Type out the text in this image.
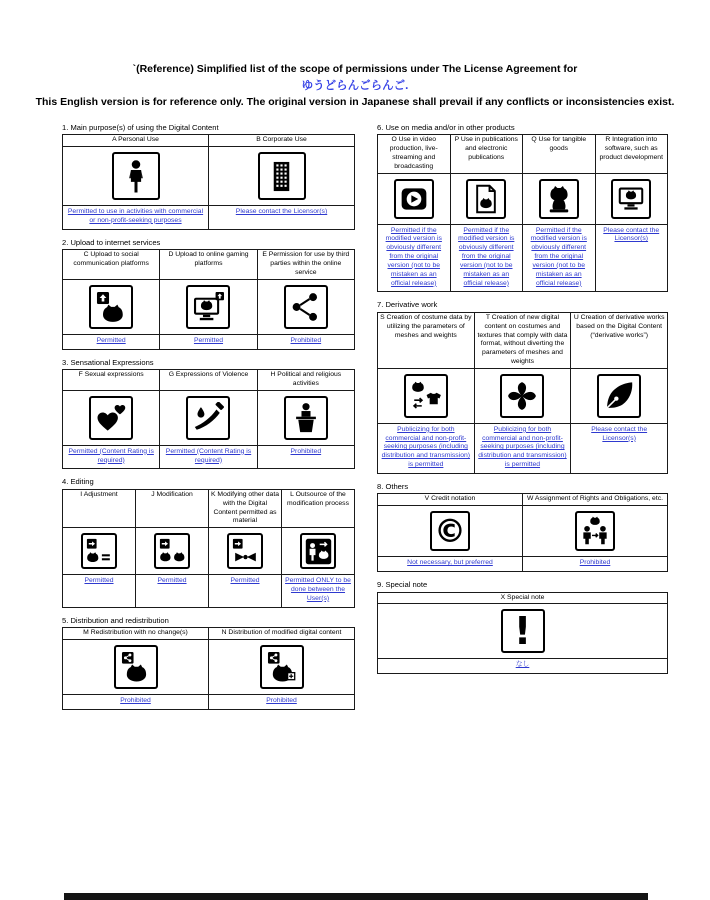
`(Reference) Simplified list of the scope of permissions under The License Agreement for
ゆうどらんごらんご.
This English version is for reference only. The original version in Japanese shall prevail if any conflicts or inconsistencies exist.
1. Main purpose(s) of using the Digital Content
A Personal Use	B Corporate Use

Permitted to use in activities with commercial or non-profit-seeking purposes	Please contact the Licensor(s)
2. Upload to internet services
C Upload to social communication platforms	D Upload to online gaming platforms	E Permission for use by third parties within the online service

Permitted	Permitted	Prohibited
3. Sensational Expressions
F Sexual expressions	G Expressions of Violence	H Political and religious activities

Permitted (Content Rating is required)	Permitted (Content Rating is required)	Prohibited
4. Editing
I Adjustment	J Modification	K Modifying other data with the Digital Content permitted as material	L Outsource of the modification process

Permitted	Permitted	Permitted	Permitted ONLY to be done between the User(s)
5. Distribution and redistribution
M Redistribution with no change(s)	N Distribution of modified digital content

Prohibited	Prohibited
6. Use on media and/or in other products
O Use in video production, live-streaming and broadcasting	P Use in publications and electronic publications	Q Use for tangible goods	R Integration into software, such as product development

Permitted if the modified version is obviously different from the original version (not to be mistaken as an official release)	Permitted if the modified version is obviously different from the original version (not to be mistaken as an official release)	Permitted if the modified version is obviously different from the original version (not to be mistaken as an official release)	Please contact the Licensor(s)
7. Derivative work
S Creation of costume data by utilizing the parameters of meshes and weights	T Creation of new digital content on costumes and textures that comply with data format, without diverting the parameters of meshes and weights	U Creation of derivative works based on the Digital Content (“derivative works”)

Publicizing for both commercial and non-profit-seeking purposes (including distribution and transmission) is permitted	Publicizing for both commercial and non-profit-seeking purposes (including distribution and transmission) is permitted	Please contact the Licensor(s)
8. Others
V Credit notation	W Assignment of Rights and Obligations, etc.

©

Not necessary, but preferred	Prohibited
9. Special note
X Special note

!

なし
